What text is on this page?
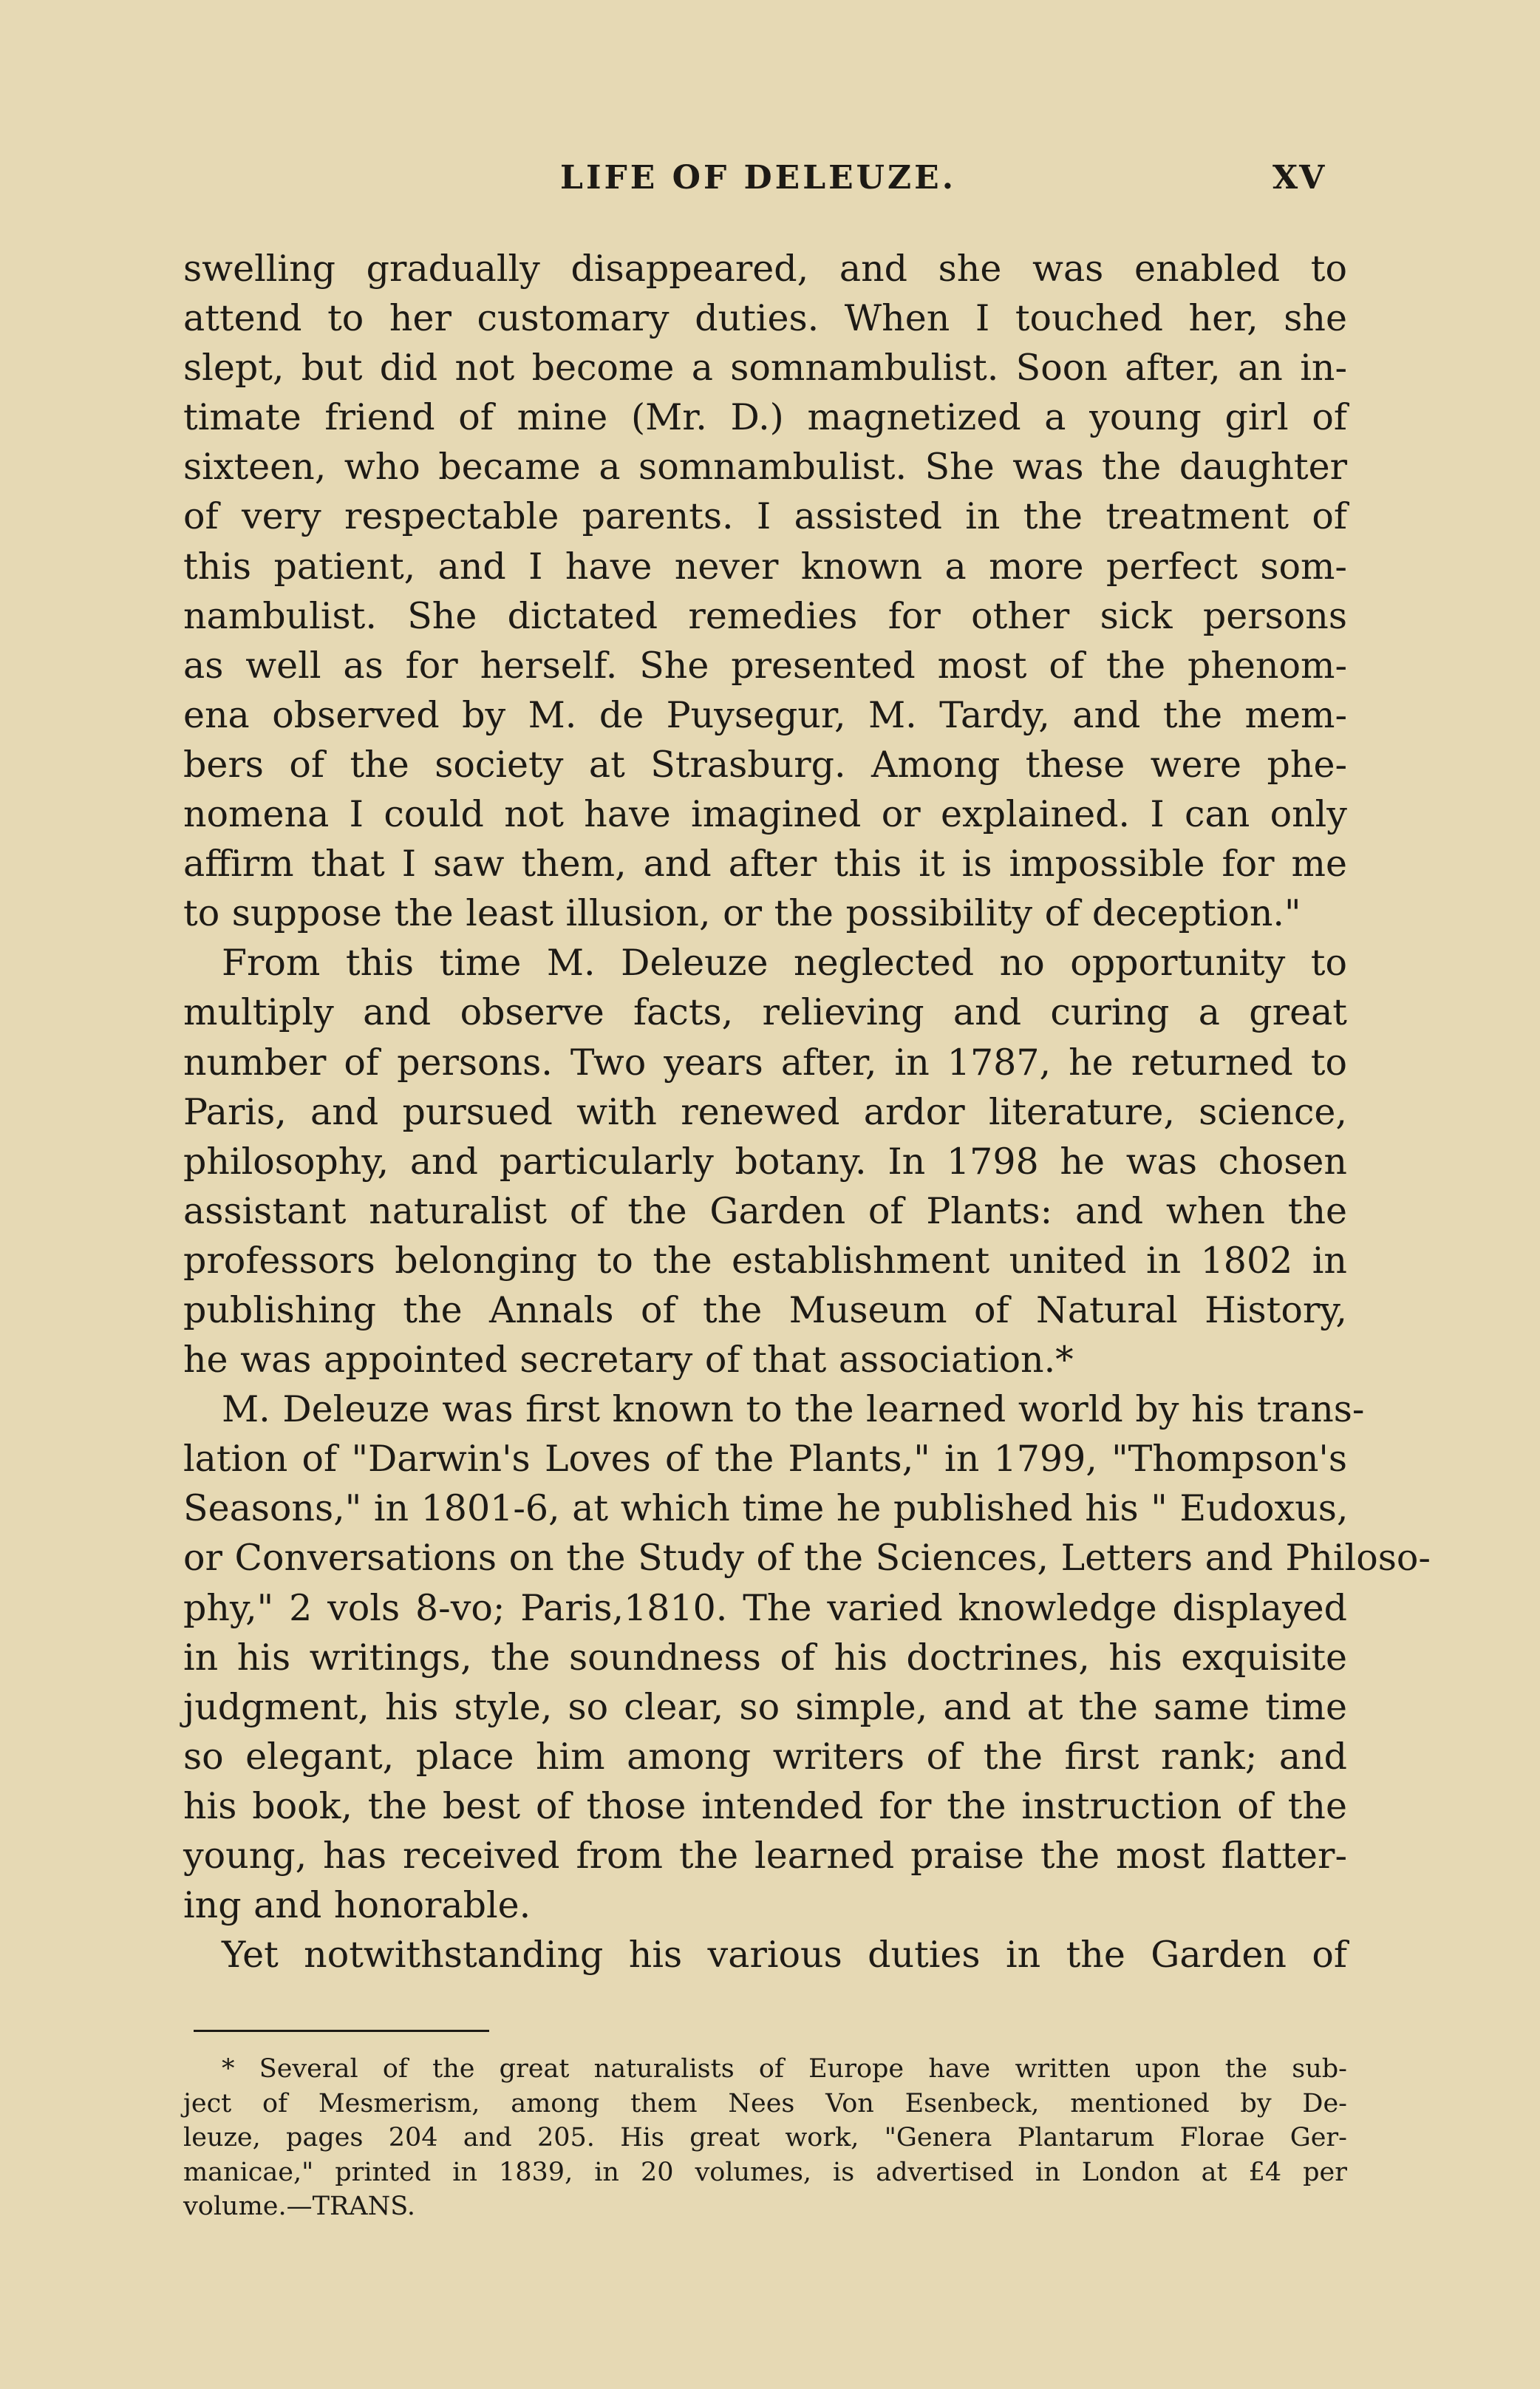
LIFE OF DELEUZE.	XV
swelling gradually disappeared, and she was enabled to
attend to her customary duties. When I touched her, she
slept, but did not become a somnambulist. Soon after, an in-
timate friend of mine (Mr. D.) magnetized a young girl of
sixteen, who became a somnambulist. She was the daughter
of very respectable parents. I assisted in the treatment of
this patient, and I have never known a more perfect som-
nambulist. She dictated remedies for other sick persons
as well as for herself. She presented most of the phenom-
ena observed by M. de Puysegur, M. Tardy, and the mem-
bers of the society at Strasburg. Among these were phe-
nomena I could not have imagined or explained. I can only
affirm that I saw them, and after this it is impossible for me
to suppose the least illusion, or the possibility of deception."
From this time M. Deleuze neglected no opportunity to
multiply and observe facts, relieving and curing a great
number of persons. Two years after, in 1787, he returned to
Paris, and pursued with renewed ardor literature, science,
philosophy, and particularly botany. In 1798 he was chosen
assistant naturalist of the Garden of Plants: and when the
professors belonging to the establishment united in 1802 in
publishing the Annals of the Museum of Natural History,
he was appointed secretary of that association.*
M. Deleuze was first known to the learned world by his trans-
lation of "Darwin's Loves of the Plants," in 1799, "Thompson's
Seasons," in 1801-6, at which time he published his " Eudoxus,
or Conversations on the Study of the Sciences, Letters and Philoso-
phy," 2 vols 8-vo; Paris,1810. The varied knowledge displayed
in his writings, the soundness of his doctrines, his exquisite
judgment, his style, so clear, so simple, and at the same time
so elegant, place him among writers of the first rank; and
his book, the best of those intended for the instruction of the
young, has received from the learned praise the most flatter-
ing and honorable.
Yet notwithstanding his various duties in the Garden of
* Several of the great naturalists of Europe have written upon the sub-
ject of Mesmerism, among them Nees Von Esenbeck, mentioned by De-
leuze, pages 204 and 205. His great work, "Genera Plantarum Florae Ger-
manicae," printed in 1839, in 20 volumes, is advertised in London at £4 per
volume.—TRANS.
